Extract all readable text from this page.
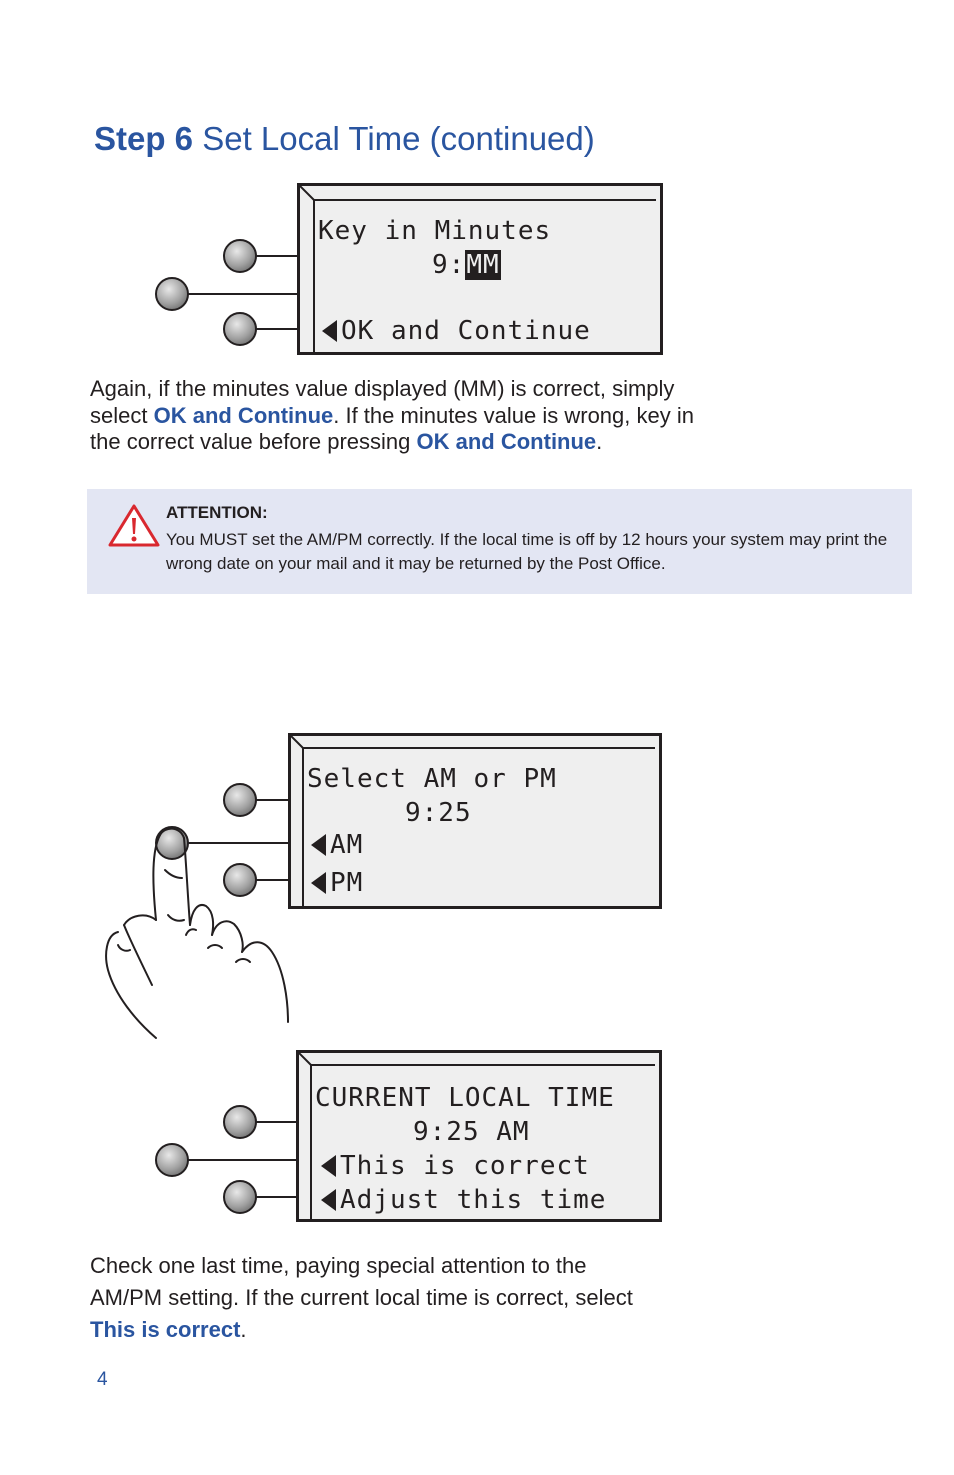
Step 6 Set Local Time (continued)
Key in Minutes
9:MM
OK and Continue
Again, if the minutes value displayed (MM) is correct, simply
select OK and Continue. If the minutes value is wrong, key in
the correct value before pressing OK and Continue.
ATTENTION:
You MUST set the AM/PM correctly. If the local time is off by 12 hours your system may print the wrong date on your mail and it may be returned by the Post Office.
Select AM or PM
9:25
AM
PM
CURRENT LOCAL TIME
9:25 AM
This is correct
Adjust this time
Check one last time, paying special attention to the
AM/PM setting. If the current local time is correct, select
This is correct.
4
